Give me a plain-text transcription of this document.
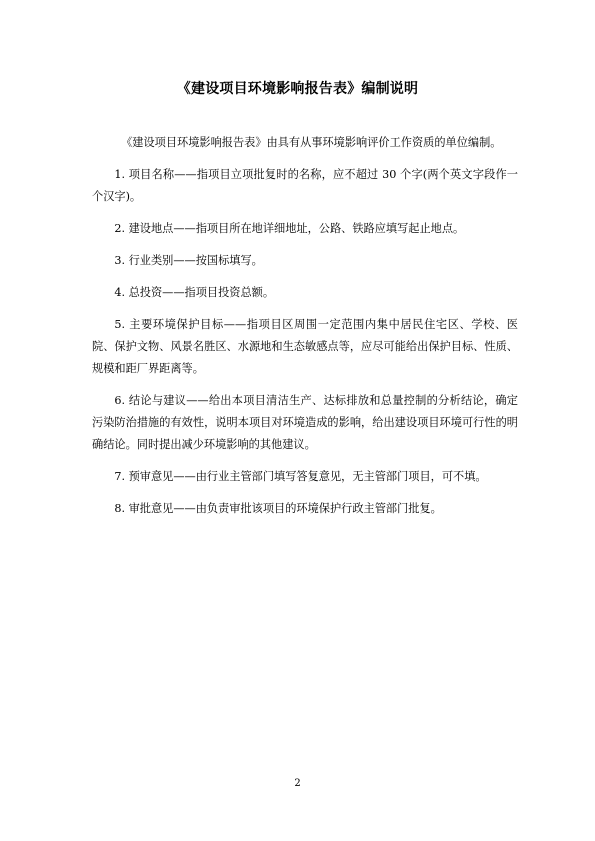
《建设项目环境影响报告表》编制说明

《建设项目环境影响报告表》由具有从事环境影响评价工作资质的单位编制。

1. 项目名称——指项目立项批复时的名称，应不超过 30 个字(两个英文字段作一个汉字)。

2. 建设地点——指项目所在地详细地址，公路、铁路应填写起止地点。

3. 行业类别——按国标填写。

4. 总投资——指项目投资总额。

5. 主要环境保护目标——指项目区周围一定范围内集中居民住宅区、学校、医院、保护文物、风景名胜区、水源地和生态敏感点等，应尽可能给出保护目标、性质、规模和距厂界距离等。

6. 结论与建议——给出本项目清洁生产、达标排放和总量控制的分析结论，确定污染防治措施的有效性，说明本项目对环境造成的影响，给出建设项目环境可行性的明确结论。同时提出减少环境影响的其他建议。

7. 预审意见——由行业主管部门填写答复意见，无主管部门项目，可不填。

8. 审批意见——由负责审批该项目的环境保护行政主管部门批复。

2
